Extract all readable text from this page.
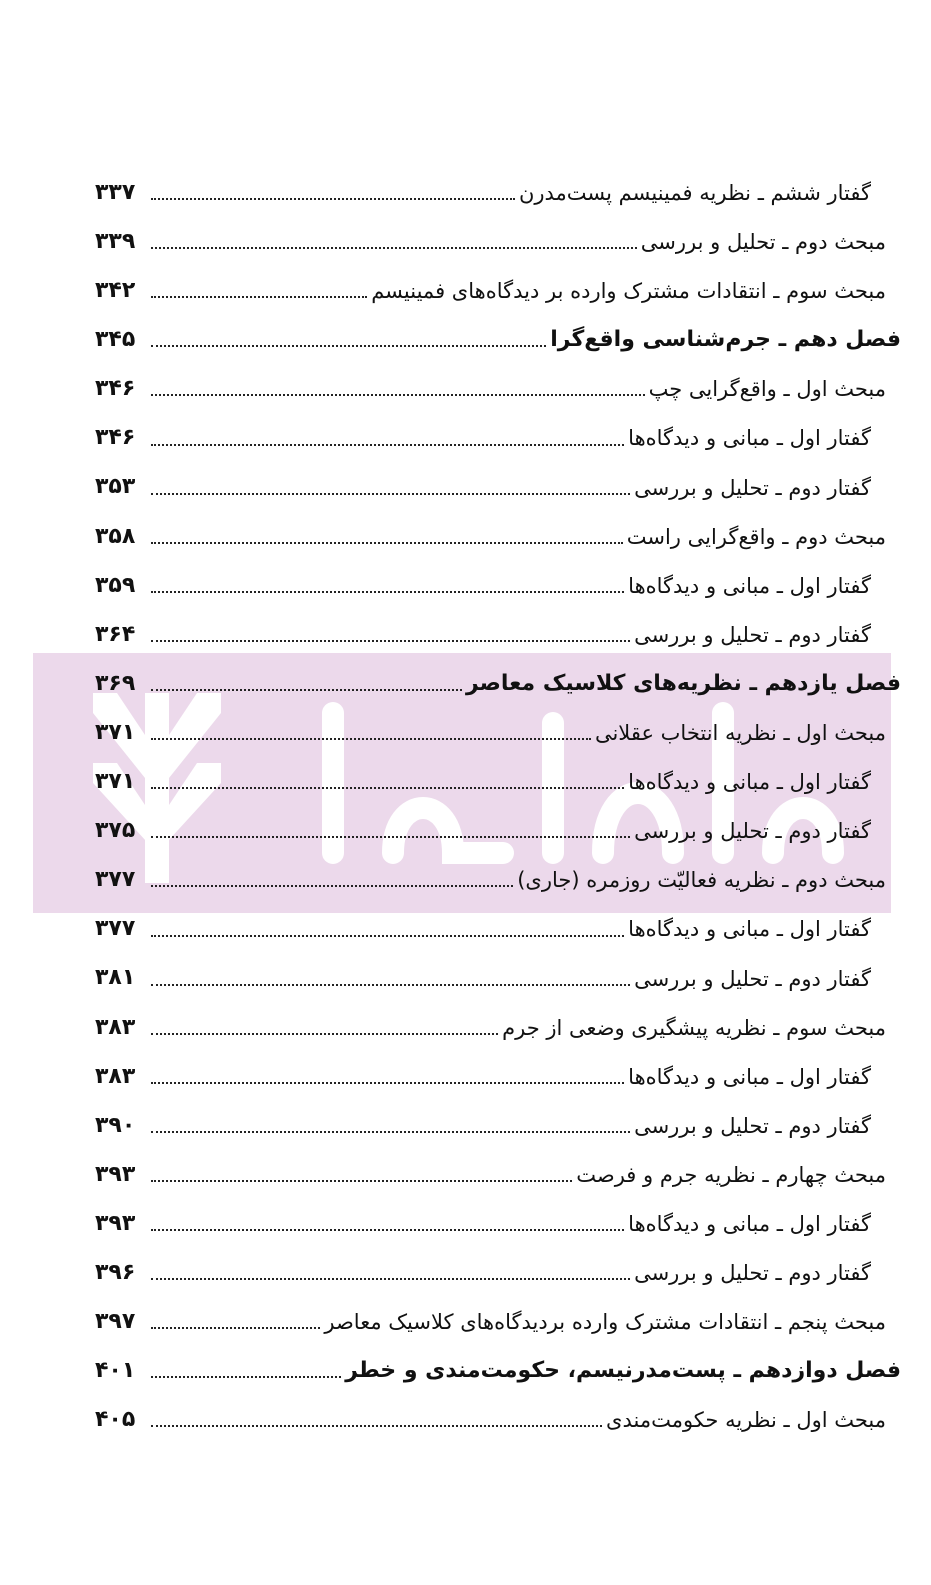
گفتار ششم ـ نظریه فمینیسم پست‌مدرن
۳۳۷
مبحث دوم ـ تحلیل و بررسی
۳۳۹
مبحث سوم ـ انتقادات مشترک وارده بر دیدگاه‌های فمینیسم
۳۴۲
فصل دهم ـ جرم‌شناسی واقع‌گرا
۳۴۵
مبحث اول ـ واقع‌گرایی چپ
۳۴۶
گفتار اول ـ مبانی و دیدگاه‌ها
۳۴۶
گفتار دوم ـ تحلیل و بررسی
۳۵۳
مبحث دوم ـ واقع‌گرایی راست
۳۵۸
گفتار اول ـ مبانی و دیدگاه‌ها
۳۵۹
گفتار دوم ـ تحلیل و بررسی
۳۶۴
فصل یازدهم ـ نظریه‌های کلاسیک معاصر
۳۶۹
مبحث اول ـ نظریه انتخاب عقلانی
۳۷۱
گفتار اول ـ مبانی و دیدگاه‌ها
۳۷۱
گفتار دوم ـ تحلیل و بررسی
۳۷۵
مبحث دوم ـ نظریه فعالیّت روزمره (جاری)
۳۷۷
گفتار اول ـ مبانی و دیدگاه‌ها
۳۷۷
گفتار دوم ـ تحلیل و بررسی
۳۸۱
مبحث سوم ـ نظریه پیشگیری وضعی از جرم
۳۸۳
گفتار اول ـ مبانی و دیدگاه‌ها
۳۸۳
گفتار دوم ـ تحلیل و بررسی
۳۹۰
مبحث چهارم ـ نظریه جرم و فرصت
۳۹۳
گفتار اول ـ مبانی و دیدگاه‌ها
۳۹۳
گفتار دوم ـ تحلیل و بررسی
۳۹۶
مبحث پنجم ـ انتقادات مشترک وارده بردیدگاه‌های کلاسیک معاصر
۳۹۷
فصل دوازدهم ـ پست‌مدرنیسم، حکومت‌مندی و خطر
۴۰۱
مبحث اول ـ نظریه حکومت‌مندی
۴۰۵
